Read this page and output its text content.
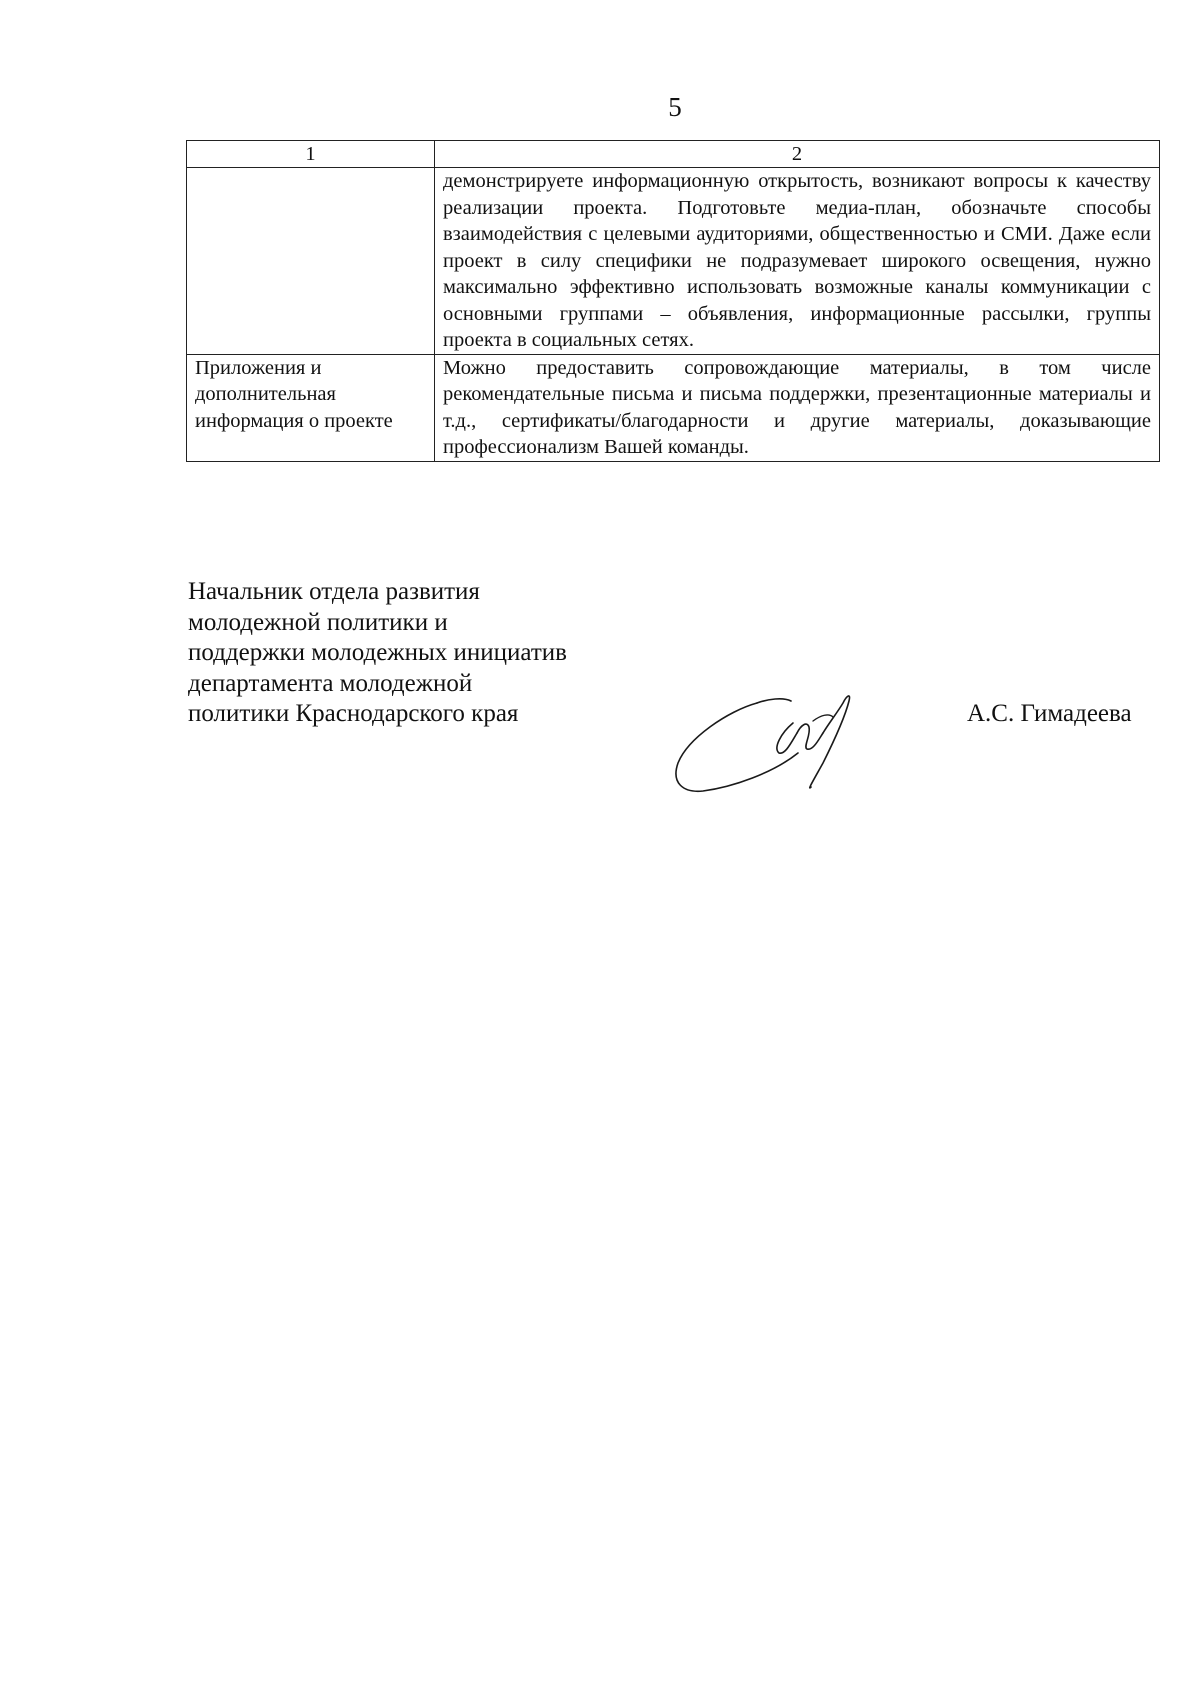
5
1	2
	демонстрируете информационную открытость, возникают вопросы к качеству реализации проекта. Подготовьте медиа-план, обозначьте способы взаимодействия с целевыми аудиториями, общественностью и СМИ. Даже если проект в силу специфики не подразумевает широкого освещения, нужно максимально эффективно использовать возможные каналы коммуникации с основными группами – объявления, информационные рассылки, группы проекта в социальных сетях.
Приложения и дополнительная информация о проекте	Можно предоставить сопровождающие материалы, в том числе рекомендательные письма и письма поддержки, презентационные материалы и т.д., сертификаты/благодарности и другие материалы, доказывающие профессионализм Вашей команды.
Начальник отдела развития
молодежной политики и
поддержки молодежных инициатив
департамента молодежной
политики Краснодарского края	А.С. Гимадеева
